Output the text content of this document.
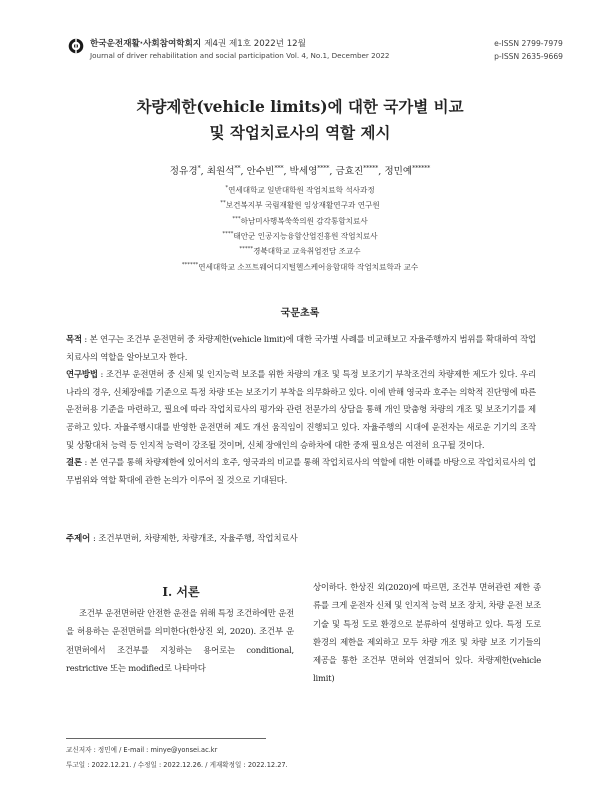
한국운전재활·사회참여학회지 제4권 제1호 2022년 12월
Journal of driver rehabilitation and social participation Vol. 4, No.1, December 2022
e-ISSN 2799-7979
p-ISSN 2635-9669
차량제한(vehicle limits)에 대한 국가별 비교
및 작업치료사의 역할 제시
정유경*, 최원석**, 안수빈***, 박세영****, 금효진*****, 정민예******
*연세대학교 일반대학원 작업치료학 석사과정
**보건복지부 국립재활원 임상재활연구과 연구원
***하남미사행복쑥쑥의원 감각통합치료사
****태안군 인공지능융합산업진흥원 작업치료사
*****경북대학교 교육취업전담 조교수
******연세대학교 소프트웨어디지털헬스케어융합대학 작업치료학과 교수
국문초록

목적 : 본 연구는 조건부 운전면허 중 차량제한(vehicle limit)에 대한 국가별 사례를 비교해보고 자율주행까지 범위를 확대하여 작업치료사의 역할을 알아보고자 한다.

연구방법 : 조건부 운전면허 중 신체 및 인지능력 보조를 위한 차량의 개조 및 특정 보조기기 부착조건의 차량제한 제도가 있다. 우리나라의 경우, 신체장애를 기준으로 특정 차량 또는 보조기기 부착을 의무화하고 있다. 이에 반해 영국과 호주는 의학적 진단명에 따른 운전허용 기준을 마련하고, 필요에 따라 작업치료사의 평가와 관련 전문가의 상담을 통해 개인 맞춤형 차량의 개조 및 보조기기를 제공하고 있다. 자율주행시대를 반영한 운전면허 제도 개선 움직임이 진행되고 있다. 자율주행의 시대에 운전자는 새로운 기기의 조작 및 상황대처 능력 등 인지적 능력이 강조될 것이며, 신체 장애인의 승하차에 대한 중재 필요성은 여전히 요구될 것이다.

결론 : 본 연구를 통해 차량제한에 있어서의 호주, 영국과의 비교를 통해 작업치료사의 역할에 대한 이해를 바탕으로 작업치료사의 업무범위와 역할 확대에 관한 논의가 이루어 질 것으로 기대된다.

주제어 : 조건부면허, 차량제한, 차량개조, 자율주행, 작업치료사
Ⅰ. 서론

조건부 운전면허란 안전한 운전을 위해 특정 조건하에만 운전을 허용하는 운전면허를 의미한다(한상진 외, 2020). 조건부 운전면허에서 조건부를 지칭하는 용어로는 conditional, restrictive 또는 modified로 나타마다

상이하다. 한상진 외(2020)에 따르면, 조건부 면허관련 제한 종류를 크게 운전자 신체 및 인지적 능력 보조 장치, 차량 운전 보조 기술 및 특정 도로 환경으로 분류하여 설명하고 있다. 특정 도로 환경의 제한을 제외하고 모두 차량 개조 및 차량 보조 기기들의 제공을 통한 조건부 면허와 연결되어 있다. 차량제한(vehicle limit)

교신저자 : 정민예 / E-mail : minye@yonsei.ac.kr
투고일 : 2022.12.21. / 수정일 : 2022.12.26. / 게재확정일 : 2022.12.27.
